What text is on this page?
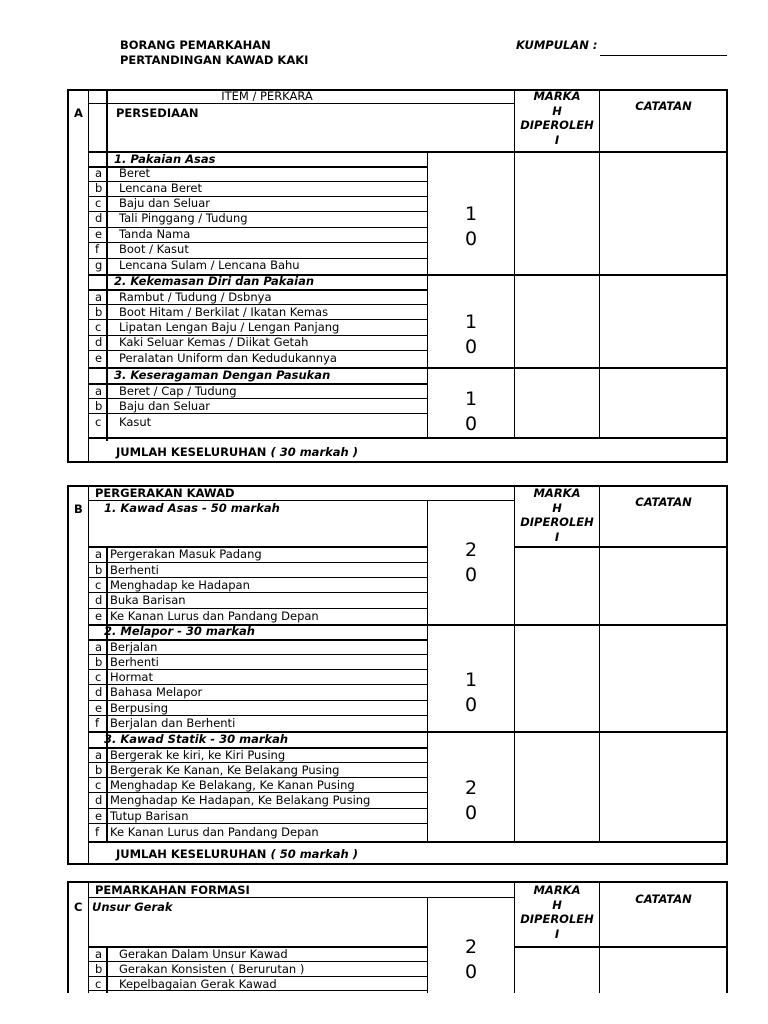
BORANG PEMARKAHAN
PERTANDINGAN KAWAD KAKI
KUMPULAN :
ITEM / PERKARA
A	PERSEDIAAN
MARKA
H
DIPEROLEH
I
CATATAN
1. Pakaian Asas
a Beret
b Lencana Beret
c Baju dan Seluar
d Tali Pinggang / Tudung
e Tanda Nama
f Boot / Kasut
g Lencana Sulam / Lencana Bahu
1
0
2. Kekemasan Diri dan Pakaian
a Rambut / Tudung / Dsbnya
b Boot Hitam / Berkilat / Ikatan Kemas
c Lipatan Lengan Baju / Lengan Panjang
d Kaki Seluar Kemas / Diikat Getah
e Peralatan Uniform dan Kedudukannya
1
0
3. Keseragaman Dengan Pasukan
a Beret / Cap / Tudung
b Baju dan Seluar
c Kasut
1
0
JUMLAH KESELURUHAN ( 30 markah )
PERGERAKAN KAWAD
B
MARKA
H
DIPEROLEH
I
CATATAN
1. Kawad Asas - 50 markah
a Pergerakan Masuk Padang
b Berhenti
c Menghadap ke Hadapan
d Buka Barisan
e Ke Kanan Lurus dan Pandang Depan
2
0
2. Melapor - 30 markah
a Berjalan
b Berhenti
c Hormat
d Bahasa Melapor
e Berpusing
f Berjalan dan Berhenti
1
0
3. Kawad Statik - 30 markah
a Bergerak ke kiri, ke Kiri Pusing
b Bergerak Ke Kanan, Ke Belakang Pusing
c Menghadap Ke Belakang, Ke Kanan Pusing
d Menghadap Ke Hadapan, Ke Belakang Pusing
e Tutup Barisan
f Ke Kanan Lurus dan Pandang Depan
2
0
JUMLAH KESELURUHAN ( 50 markah )
PEMARKAHAN FORMASI
C Unsur Gerak
MARKA
H
DIPEROLEH
I
CATATAN
a Gerakan Dalam Unsur Kawad
b Gerakan Konsisten ( Berurutan )
c Kepelbagaian Gerak Kawad
2
0
